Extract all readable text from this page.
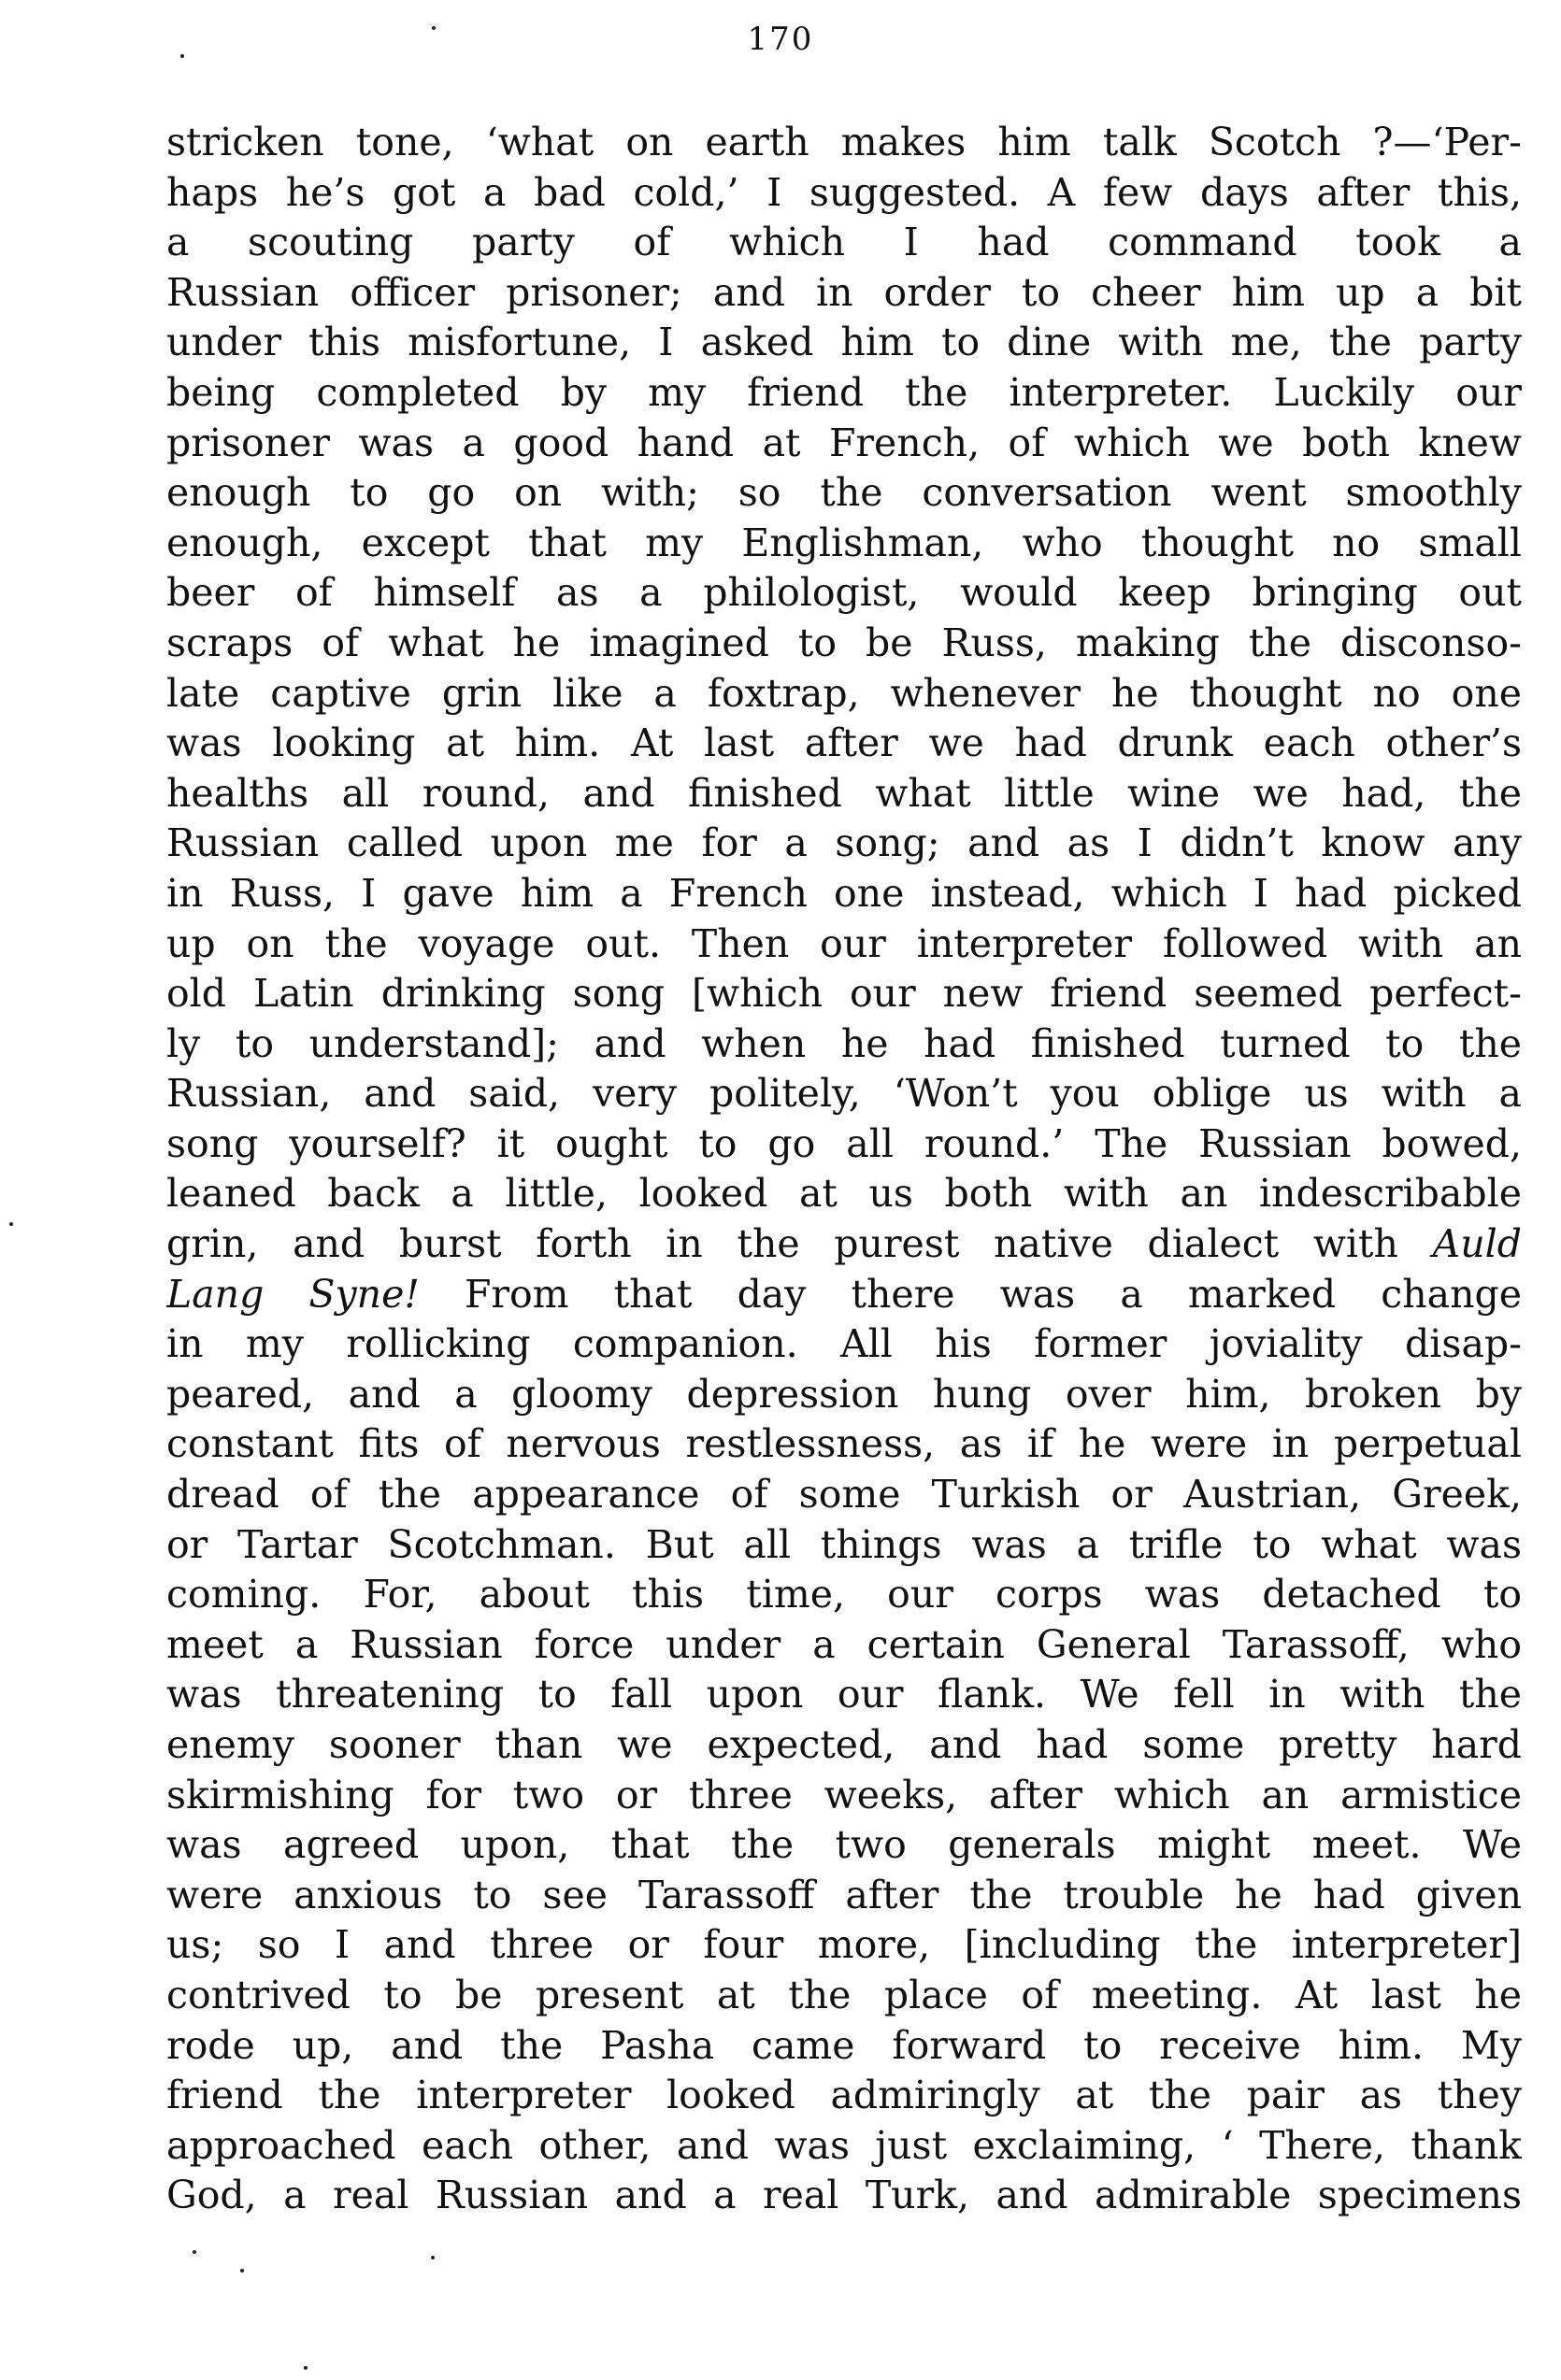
170
stricken tone, ‘what on earth makes him talk Scotch ?—‘Per-
haps he’s got a bad cold,’ I suggested. A few days after this,
a scouting party of which I had command took a
Russian officer prisoner; and in order to cheer him up a bit
under this misfortune, I asked him to dine with me, the party
being completed by my friend the interpreter. Luckily our
prisoner was a good hand at French, of which we both knew
enough to go on with; so the conversation went smoothly
enough, except that my Englishman, who thought no small
beer of himself as a philologist, would keep bringing out
scraps of what he imagined to be Russ, making the disconso-
late captive grin like a foxtrap, whenever he thought no one
was looking at him. At last after we had drunk each other’s
healths all round, and finished what little wine we had, the
Russian called upon me for a song; and as I didn’t know any
in Russ, I gave him a French one instead, which I had picked
up on the voyage out. Then our interpreter followed with an
old Latin drinking song [which our new friend seemed perfect-
ly to understand]; and when he had finished turned to the
Russian, and said, very politely, ‘Won’t you oblige us with a
song yourself? it ought to go all round.’ The Russian bowed,
leaned back a little, looked at us both with an indescribable
grin, and burst forth in the purest native dialect with Auld
Lang Syne! From that day there was a marked change
in my rollicking companion. All his former joviality disap-
peared, and a gloomy depression hung over him, broken by
constant fits of nervous restlessness, as if he were in perpetual
dread of the appearance of some Turkish or Austrian, Greek,
or Tartar Scotchman. But all things was a trifle to what was
coming. For, about this time, our corps was detached to
meet a Russian force under a certain General Tarassoff, who
was threatening to fall upon our flank. We fell in with the
enemy sooner than we expected, and had some pretty hard
skirmishing for two or three weeks, after which an armistice
was agreed upon, that the two generals might meet. We
were anxious to see Tarassoff after the trouble he had given
us; so I and three or four more, [including the interpreter]
contrived to be present at the place of meeting. At last he
rode up, and the Pasha came forward to receive him. My
friend the interpreter looked admiringly at the pair as they
approached each other, and was just exclaiming, ‘ There, thank
God, a real Russian and a real Turk, and admirable specimens
